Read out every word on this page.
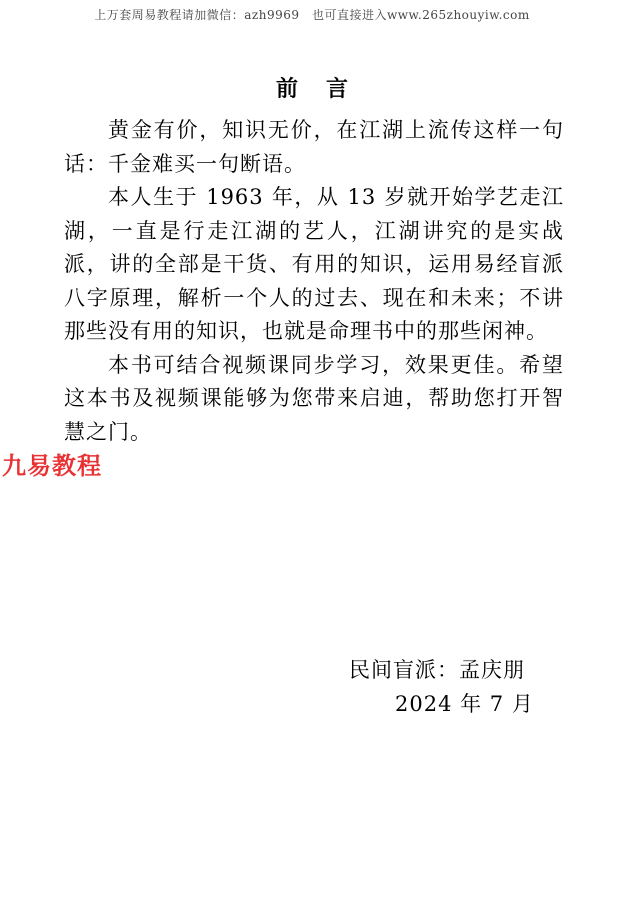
上万套周易教程请加微信：azh9969　也可直接进入www.265zhouyiw.com
前言

黄金有价，知识无价，在江湖上流传这样一句话：千金难买一句断语。

本人生于 1963 年，从 13 岁就开始学艺走江湖，一直是行走江湖的艺人，江湖讲究的是实战派，讲的全部是干货、有用的知识，运用易经盲派八字原理，解析一个人的过去、现在和未来；不讲那些没有用的知识，也就是命理书中的那些闲神。

本书可结合视频课同步学习，效果更佳。希望这本书及视频课能够为您带来启迪，帮助您打开智慧之门。

九易教程
民间盲派：孟庆朋
2024 年 7 月
